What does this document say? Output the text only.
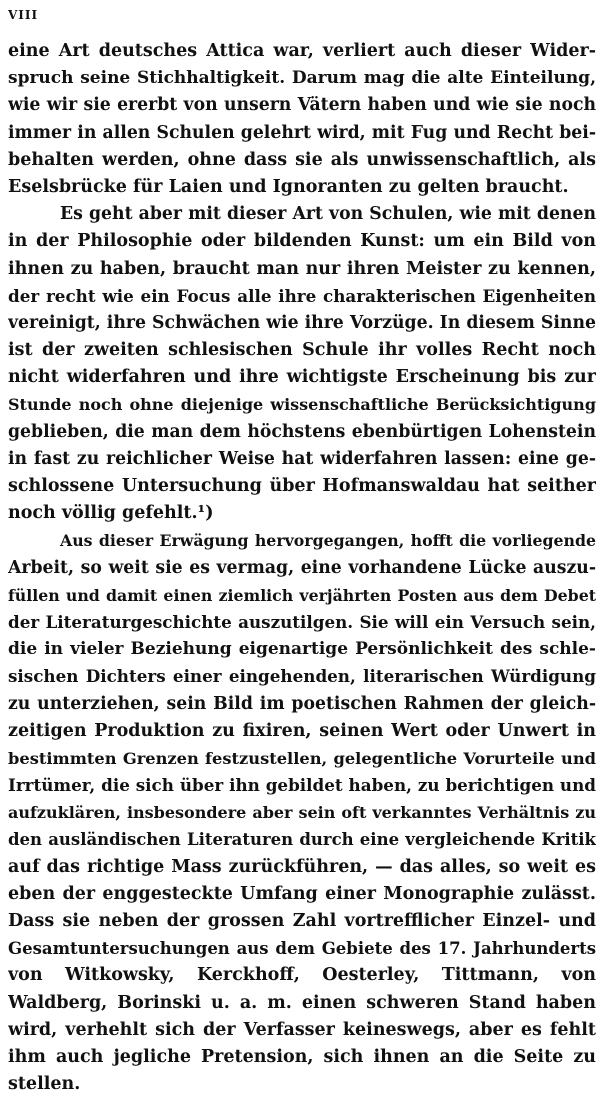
VIII
eine Art deutsches Attica war, verliert auch dieser Wider-
spruch seine Stichhaltigkeit. Darum mag die alte Einteilung,
wie wir sie ererbt von unsern Vätern haben und wie sie noch
immer in allen Schulen gelehrt wird, mit Fug und Recht bei-
behalten werden, ohne dass sie als unwissenschaftlich, als
Eselsbrücke für Laien und Ignoranten zu gelten braucht.
Es geht aber mit dieser Art von Schulen, wie mit denen
in der Philosophie oder bildenden Kunst: um ein Bild von
ihnen zu haben, braucht man nur ihren Meister zu kennen,
der recht wie ein Focus alle ihre charakterischen Eigenheiten
vereinigt, ihre Schwächen wie ihre Vorzüge. In diesem Sinne
ist der zweiten schlesischen Schule ihr volles Recht noch
nicht widerfahren und ihre wichtigste Erscheinung bis zur
Stunde noch ohne diejenige wissenschaftliche Berücksichtigung
geblieben, die man dem höchstens ebenbürtigen Lohenstein
in fast zu reichlicher Weise hat widerfahren lassen: eine ge-
schlossene Untersuchung über Hofmanswaldau hat seither
noch völlig gefehlt.¹)
Aus dieser Erwägung hervorgegangen, hofft die vorliegende
Arbeit, so weit sie es vermag, eine vorhandene Lücke auszu-
füllen und damit einen ziemlich verjährten Posten aus dem Debet
der Literaturgeschichte auszutilgen. Sie will ein Versuch sein,
die in vieler Beziehung eigenartige Persönlichkeit des schle-
sischen Dichters einer eingehenden, literarischen Würdigung
zu unterziehen, sein Bild im poetischen Rahmen der gleich-
zeitigen Produktion zu fixiren, seinen Wert oder Unwert in
bestimmten Grenzen festzustellen, gelegentliche Vorurteile und
Irrtümer, die sich über ihn gebildet haben, zu berichtigen und
aufzuklären, insbesondere aber sein oft verkanntes Verhältnis zu
den ausländischen Literaturen durch eine vergleichende Kritik
auf das richtige Mass zurückführen, — das alles, so weit es
eben der enggesteckte Umfang einer Monographie zulässt.
Dass sie neben der grossen Zahl vortrefflicher Einzel- und
Gesamtuntersuchungen aus dem Gebiete des 17. Jahrhunderts
von Witkowsky, Kerckhoff, Oesterley, Tittmann, von
Waldberg, Borinski u. a. m. einen schweren Stand haben
wird, verhehlt sich der Verfasser keineswegs, aber es fehlt
ihm auch jegliche Pretension, sich ihnen an die Seite zu
stellen.
